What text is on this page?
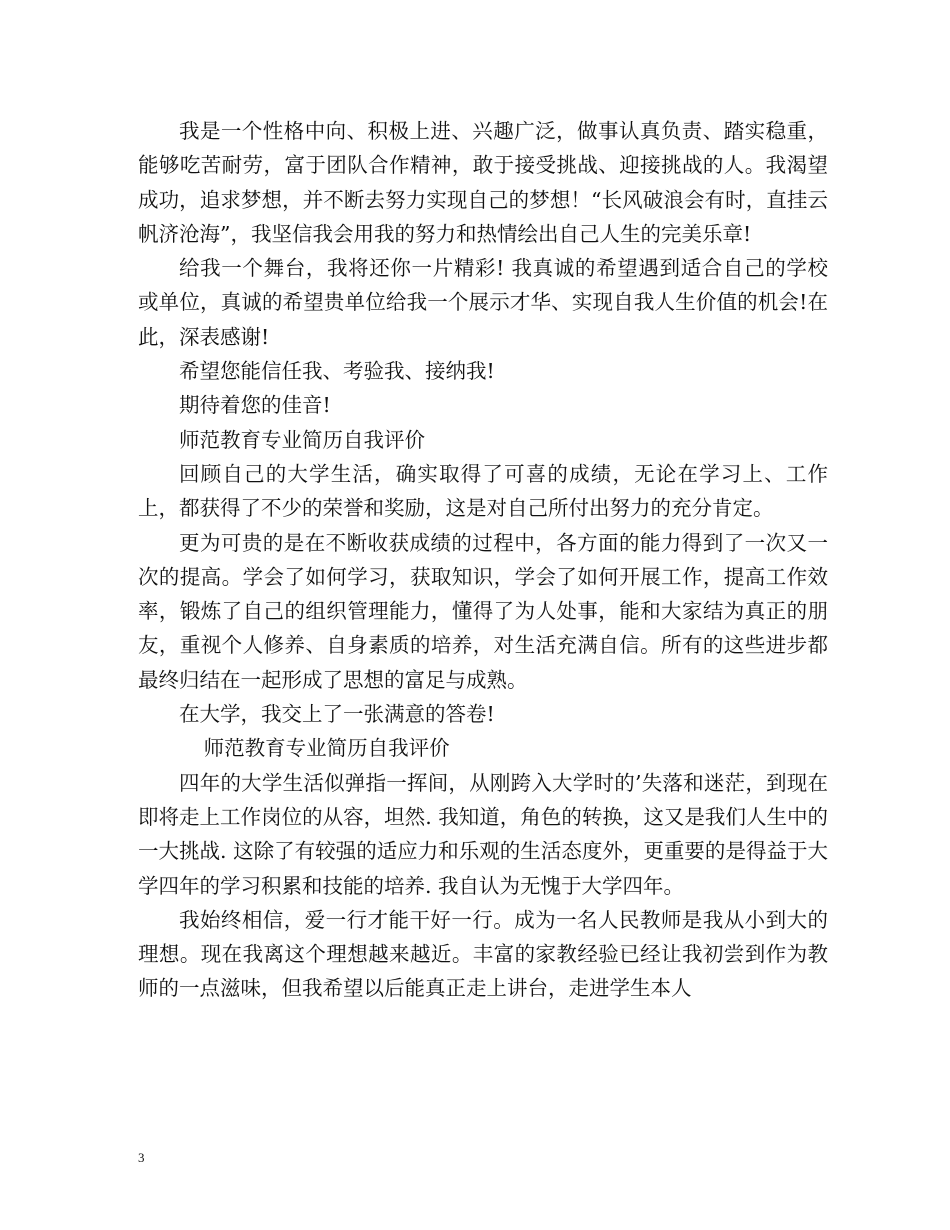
我是一个性格中向、积极上进、兴趣广泛，做事认真负责、踏实稳重，能够吃苦耐劳，富于团队合作精神，敢于接受挑战、迎接挑战的人。我渴望成功，追求梦想，并不断去努力实现自己的梦想！“长风破浪会有时，直挂云帆济沧海”，我坚信我会用我的努力和热情绘出自己人生的完美乐章!

给我一个舞台，我将还你一片精彩! 我真诚的希望遇到适合自己的学校或单位，真诚的希望贵单位给我一个展示才华、实现自我人生价值的机会!在此，深表感谢!

希望您能信任我、考验我、接纳我!

期待着您的佳音!

师范教育专业简历自我评价

回顾自己的大学生活，确实取得了可喜的成绩，无论在学习上、工作上，都获得了不少的荣誉和奖励，这是对自己所付出努力的充分肯定。

更为可贵的是在不断收获成绩的过程中，各方面的能力得到了一次又一次的提高。学会了如何学习，获取知识，学会了如何开展工作，提高工作效率，锻炼了自己的组织管理能力，懂得了为人处事，能和大家结为真正的朋友，重视个人修养、自身素质的培养，对生活充满自信。所有的这些进步都最终归结在一起形成了思想的富足与成熟。

在大学，我交上了一张满意的答卷!

师范教育专业简历自我评价

四年的大学生活似弹指一挥间，从刚跨入大学时的’失落和迷茫，到现在即将走上工作岗位的从容，坦然. 我知道，角色的转换，这又是我们人生中的一大挑战. 这除了有较强的适应力和乐观的生活态度外，更重要的是得益于大学四年的学习积累和技能的培养. 我自认为无愧于大学四年。

我始终相信，爱一行才能干好一行。成为一名人民教师是我从小到大的理想。现在我离这个理想越来越近。丰富的家教经验已经让我初尝到作为教师的一点滋味，但我希望以后能真正走上讲台，走进学生本人

3
